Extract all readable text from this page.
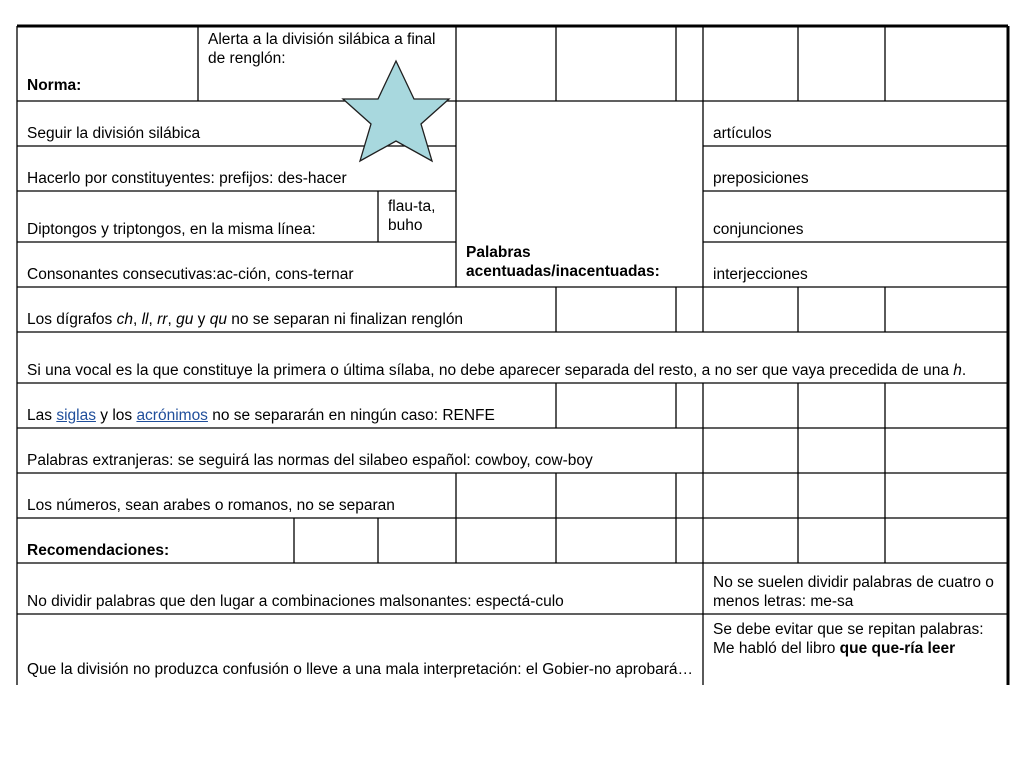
Norma:
Alerta a la división silábica a final de renglón:
Seguir la división silábica
Hacerlo por constituyentes: prefijos: des-hacer
Diptongos y triptongos, en la misma línea:
flau-ta, buho
Consonantes consecutivas:ac-ción, cons-ternar
Palabras acentuadas/inacentuadas:
artículos
preposiciones
conjunciones
interjecciones
Los dígrafos ch, ll, rr, gu y qu no se separan ni finalizan renglón
Si una vocal es la que constituye la primera o última sílaba, no debe aparecer separada del resto, a no ser que vaya precedida de una h.
Las siglas y los acrónimos no se separarán en ningún caso: RENFE
Palabras extranjeras: se seguirá las normas del silabeo español: cowboy, cow-boy
Los números, sean arabes o romanos, no se separan
Recomendaciones:
No dividir palabras que den lugar a combinaciones malsonantes: espectá-culo
No se suelen dividir palabras de cuatro o menos letras: me-sa
Que la división no produzca confusión o lleve a una mala interpretación: el Gobier-no aprobará…
Se debe evitar que se repitan palabras: Me habló del libro que que-ría leer
